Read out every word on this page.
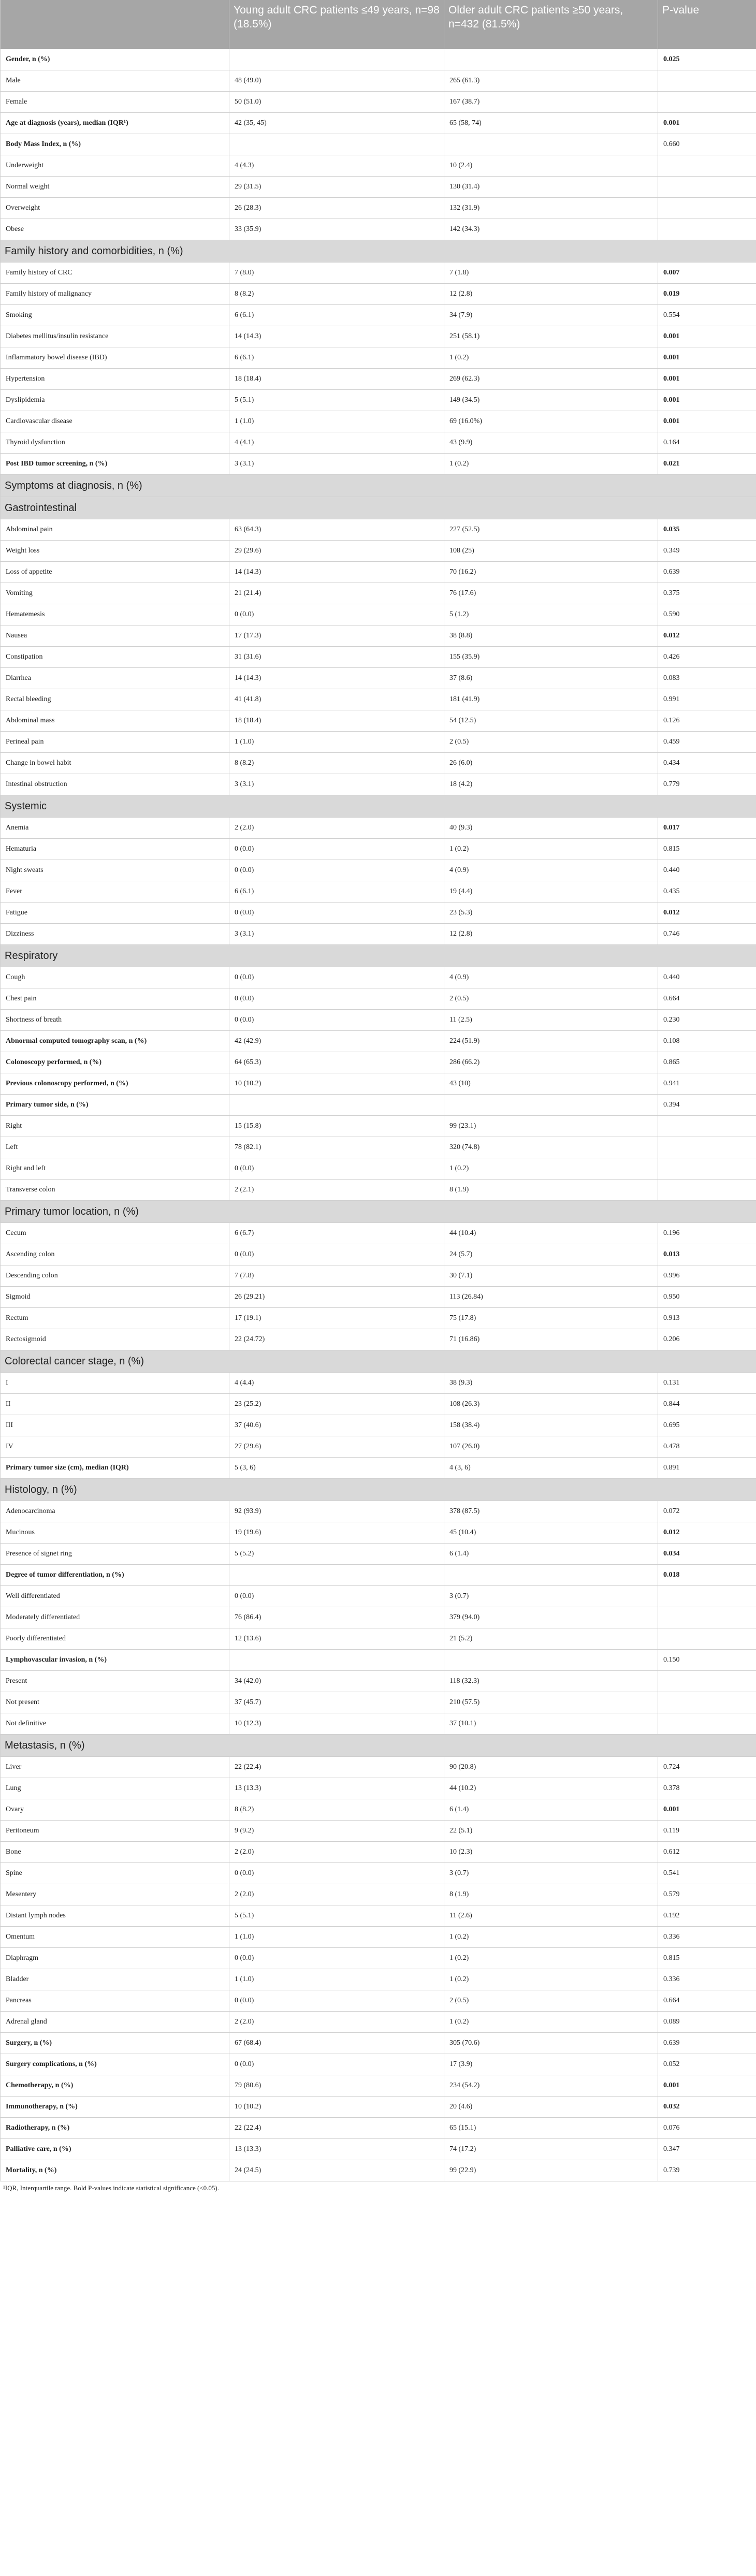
	Young adult CRC patients ≤49 years, n=98 (18.5%)	Older adult CRC patients ≥50 years, n=432 (81.5%)	P-value
Gender, n (%)			0.025
Male	48 (49.0)	265 (61.3)	
Female	50 (51.0)	167 (38.7)	
Age at diagnosis (years), median (IQR¹)	42 (35, 45)	65 (58, 74)	0.001
Body Mass Index, n (%)			0.660
Underweight	4 (4.3)	10 (2.4)	
Normal weight	29 (31.5)	130 (31.4)	
Overweight	26 (28.3)	132 (31.9)	
Obese	33 (35.9)	142 (34.3)	
Family history and comorbidities, n (%)			
Family history of CRC	7 (8.0)	7 (1.8)	0.007
Family history of malignancy	8 (8.2)	12 (2.8)	0.019
Smoking	6 (6.1)	34 (7.9)	0.554
Diabetes mellitus/insulin resistance	14 (14.3)	251 (58.1)	0.001
Inflammatory bowel disease (IBD)	6 (6.1)	1 (0.2)	0.001
Hypertension	18 (18.4)	269 (62.3)	0.001
Dyslipidemia	5 (5.1)	149 (34.5)	0.001
Cardiovascular disease	1 (1.0)	69 (16.0%)	0.001
Thyroid dysfunction	4 (4.1)	43 (9.9)	0.164
Post IBD tumor screening, n (%)	3 (3.1)	1 (0.2)	0.021
Symptoms at diagnosis, n (%)			
Gastrointestinal			
Abdominal pain	63 (64.3)	227 (52.5)	0.035
Weight loss	29 (29.6)	108 (25)	0.349
Loss of appetite	14 (14.3)	70 (16.2)	0.639
Vomiting	21 (21.4)	76 (17.6)	0.375
Hematemesis	0 (0.0)	5 (1.2)	0.590
Nausea	17 (17.3)	38 (8.8)	0.012
Constipation	31 (31.6)	155 (35.9)	0.426
Diarrhea	14 (14.3)	37 (8.6)	0.083
Rectal bleeding	41 (41.8)	181 (41.9)	0.991
Abdominal mass	18 (18.4)	54 (12.5)	0.126
Perineal pain	1 (1.0)	2 (0.5)	0.459
Change in bowel habit	8 (8.2)	26 (6.0)	0.434
Intestinal obstruction	3 (3.1)	18 (4.2)	0.779
Systemic			
Anemia	2 (2.0)	40 (9.3)	0.017
Hematuria	0 (0.0)	1 (0.2)	0.815
Night sweats	0 (0.0)	4 (0.9)	0.440
Fever	6 (6.1)	19 (4.4)	0.435
Fatigue	0 (0.0)	23 (5.3)	0.012
Dizziness	3 (3.1)	12 (2.8)	0.746
Respiratory			
Cough	0 (0.0)	4 (0.9)	0.440
Chest pain	0 (0.0)	2 (0.5)	0.664
Shortness of breath	0 (0.0)	11 (2.5)	0.230
Abnormal computed tomography scan, n (%)	42 (42.9)	224 (51.9)	0.108
Colonoscopy performed, n (%)	64 (65.3)	286 (66.2)	0.865
Previous colonoscopy performed, n (%)	10 (10.2)	43 (10)	0.941
Primary tumor side, n (%)			0.394
Right	15 (15.8)	99 (23.1)	
Left	78 (82.1)	320 (74.8)	
Right and left	0 (0.0)	1 (0.2)	
Transverse colon	2 (2.1)	8 (1.9)	
Primary tumor location, n (%)			
Cecum	6 (6.7)	44 (10.4)	0.196
Ascending colon	0 (0.0)	24 (5.7)	0.013
Descending colon	7 (7.8)	30 (7.1)	0.996
Sigmoid	26 (29.21)	113 (26.84)	0.950
Rectum	17 (19.1)	75 (17.8)	0.913
Rectosigmoid	22 (24.72)	71 (16.86)	0.206
Colorectal cancer stage, n (%)			
I	4 (4.4)	38 (9.3)	0.131
II	23 (25.2)	108 (26.3)	0.844
III	37 (40.6)	158 (38.4)	0.695
IV	27 (29.6)	107 (26.0)	0.478
Primary tumor size (cm), median (IQR)	5 (3, 6)	4 (3, 6)	0.891
Histology, n (%)			
Adenocarcinoma	92 (93.9)	378 (87.5)	0.072
Mucinous	19 (19.6)	45 (10.4)	0.012
Presence of signet ring	5 (5.2)	6 (1.4)	0.034
Degree of tumor differentiation, n (%)			0.018
Well differentiated	0 (0.0)	3 (0.7)	
Moderately differentiated	76 (86.4)	379 (94.0)	
Poorly differentiated	12 (13.6)	21 (5.2)	
Lymphovascular invasion, n (%)			0.150
Present	34 (42.0)	118 (32.3)	
Not present	37 (45.7)	210 (57.5)	
Not definitive	10 (12.3)	37 (10.1)	
Metastasis, n (%)			
Liver	22 (22.4)	90 (20.8)	0.724
Lung	13 (13.3)	44 (10.2)	0.378
Ovary	8 (8.2)	6 (1.4)	0.001
Peritoneum	9 (9.2)	22 (5.1)	0.119
Bone	2 (2.0)	10 (2.3)	0.612
Spine	0 (0.0)	3 (0.7)	0.541
Mesentery	2 (2.0)	8 (1.9)	0.579
Distant lymph nodes	5 (5.1)	11 (2.6)	0.192
Omentum	1 (1.0)	1 (0.2)	0.336
Diaphragm	0 (0.0)	1 (0.2)	0.815
Bladder	1 (1.0)	1 (0.2)	0.336
Pancreas	0 (0.0)	2 (0.5)	0.664
Adrenal gland	2 (2.0)	1 (0.2)	0.089
Surgery, n (%)	67 (68.4)	305 (70.6)	0.639
Surgery complications, n (%)	0 (0.0)	17 (3.9)	0.052
Chemotherapy, n (%)	79 (80.6)	234 (54.2)	0.001
Immunotherapy, n (%)	10 (10.2)	20 (4.6)	0.032
Radiotherapy, n (%)	22 (22.4)	65 (15.1)	0.076
Palliative care, n (%)	13 (13.3)	74 (17.2)	0.347
Mortality, n (%)	24 (24.5)	99 (22.9)	0.739
¹IQR, Interquartile range. Bold P-values indicate statistical significance (<0.05).
